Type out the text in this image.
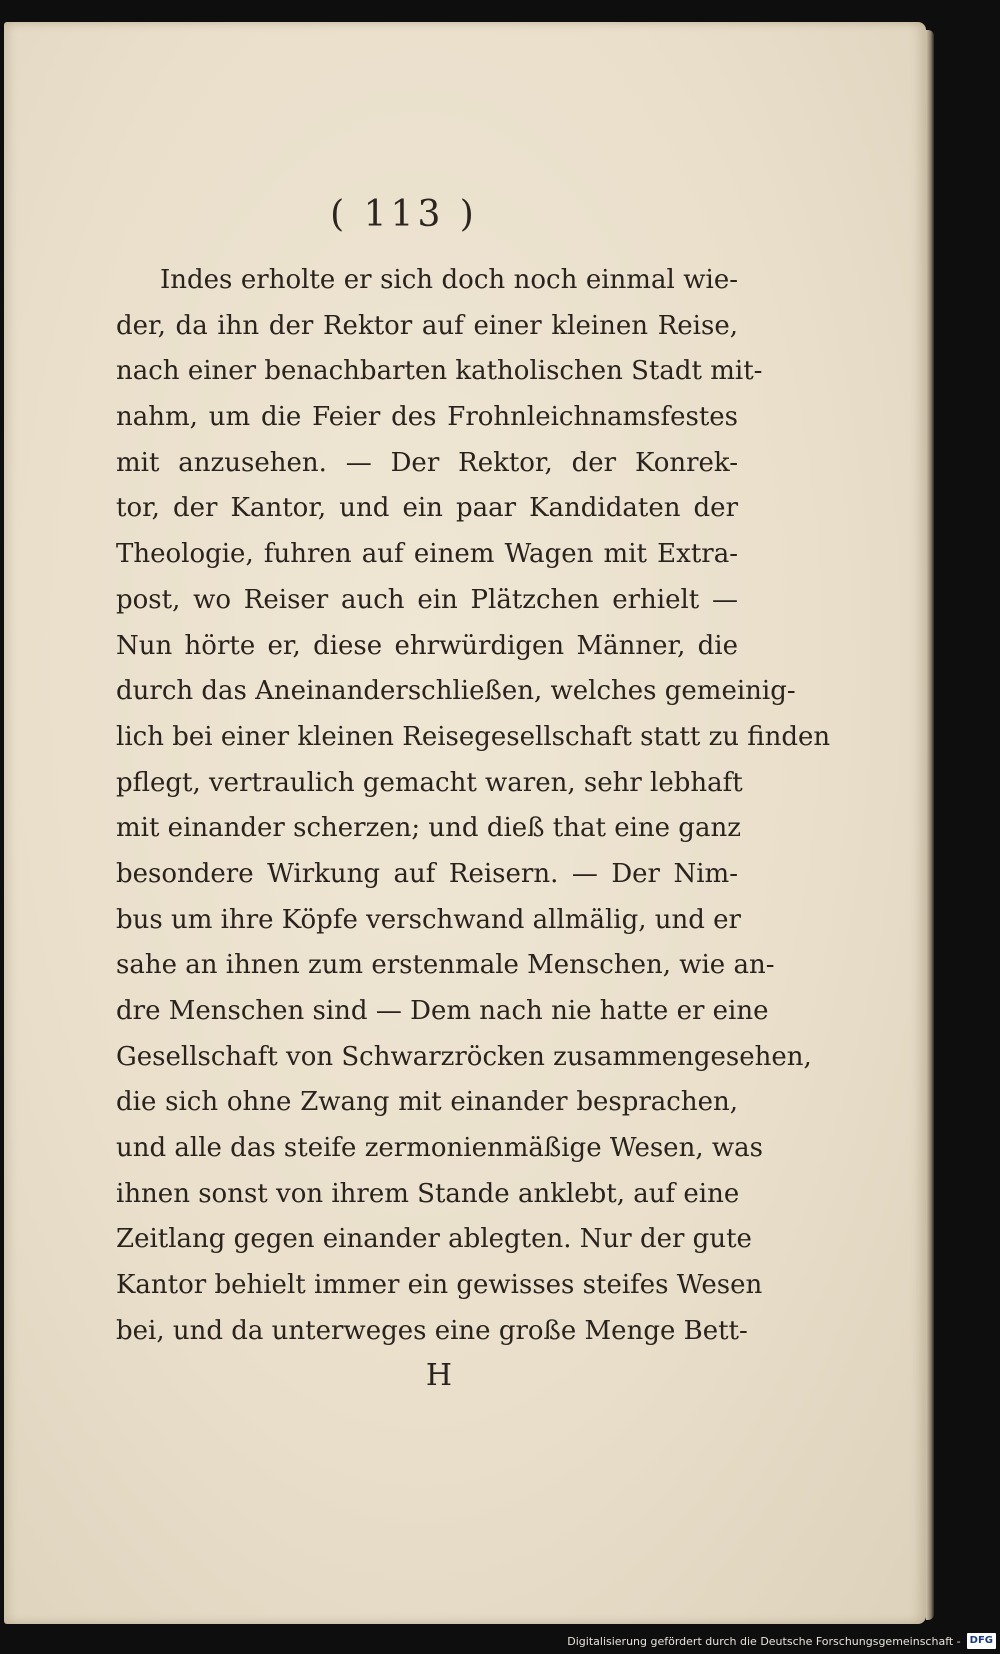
( 113 )
Indes erholte er sich doch noch einmal wie-
der, da ihn der Rektor auf einer kleinen Reise,
nach einer benachbarten katholischen Stadt mit-
nahm, um die Feier des Frohnleichnamsfestes
mit anzusehen. — Der Rektor, der Konrek-
tor, der Kantor, und ein paar Kandidaten der
Theologie, fuhren auf einem Wagen mit Extra-
post, wo Reiser auch ein Plätzchen erhielt —
Nun hörte er, diese ehrwürdigen Männer, die
durch das Aneinanderschließen, welches gemeinig-
lich bei einer kleinen Reisegesellschaft statt zu finden
pflegt, vertraulich gemacht waren, sehr lebhaft
mit einander scherzen; und dieß that eine ganz
besondere Wirkung auf Reisern. — Der Nim-
bus um ihre Köpfe verschwand allmälig, und er
sahe an ihnen zum erstenmale Menschen, wie an-
dre Menschen sind — Dem nach nie hatte er eine
Gesellschaft von Schwarzröcken zusammengesehen,
die sich ohne Zwang mit einander besprachen,
und alle das steife zermonienmäßige Wesen, was
ihnen sonst von ihrem Stande anklebt, auf eine
Zeitlang gegen einander ablegten. Nur der gute
Kantor behielt immer ein gewisses steifes Wesen
bei, und da unterweges eine große Menge Bett-
H
Digitalisierung gefördert durch die Deutsche Forschungsgemeinschaft - DFG
